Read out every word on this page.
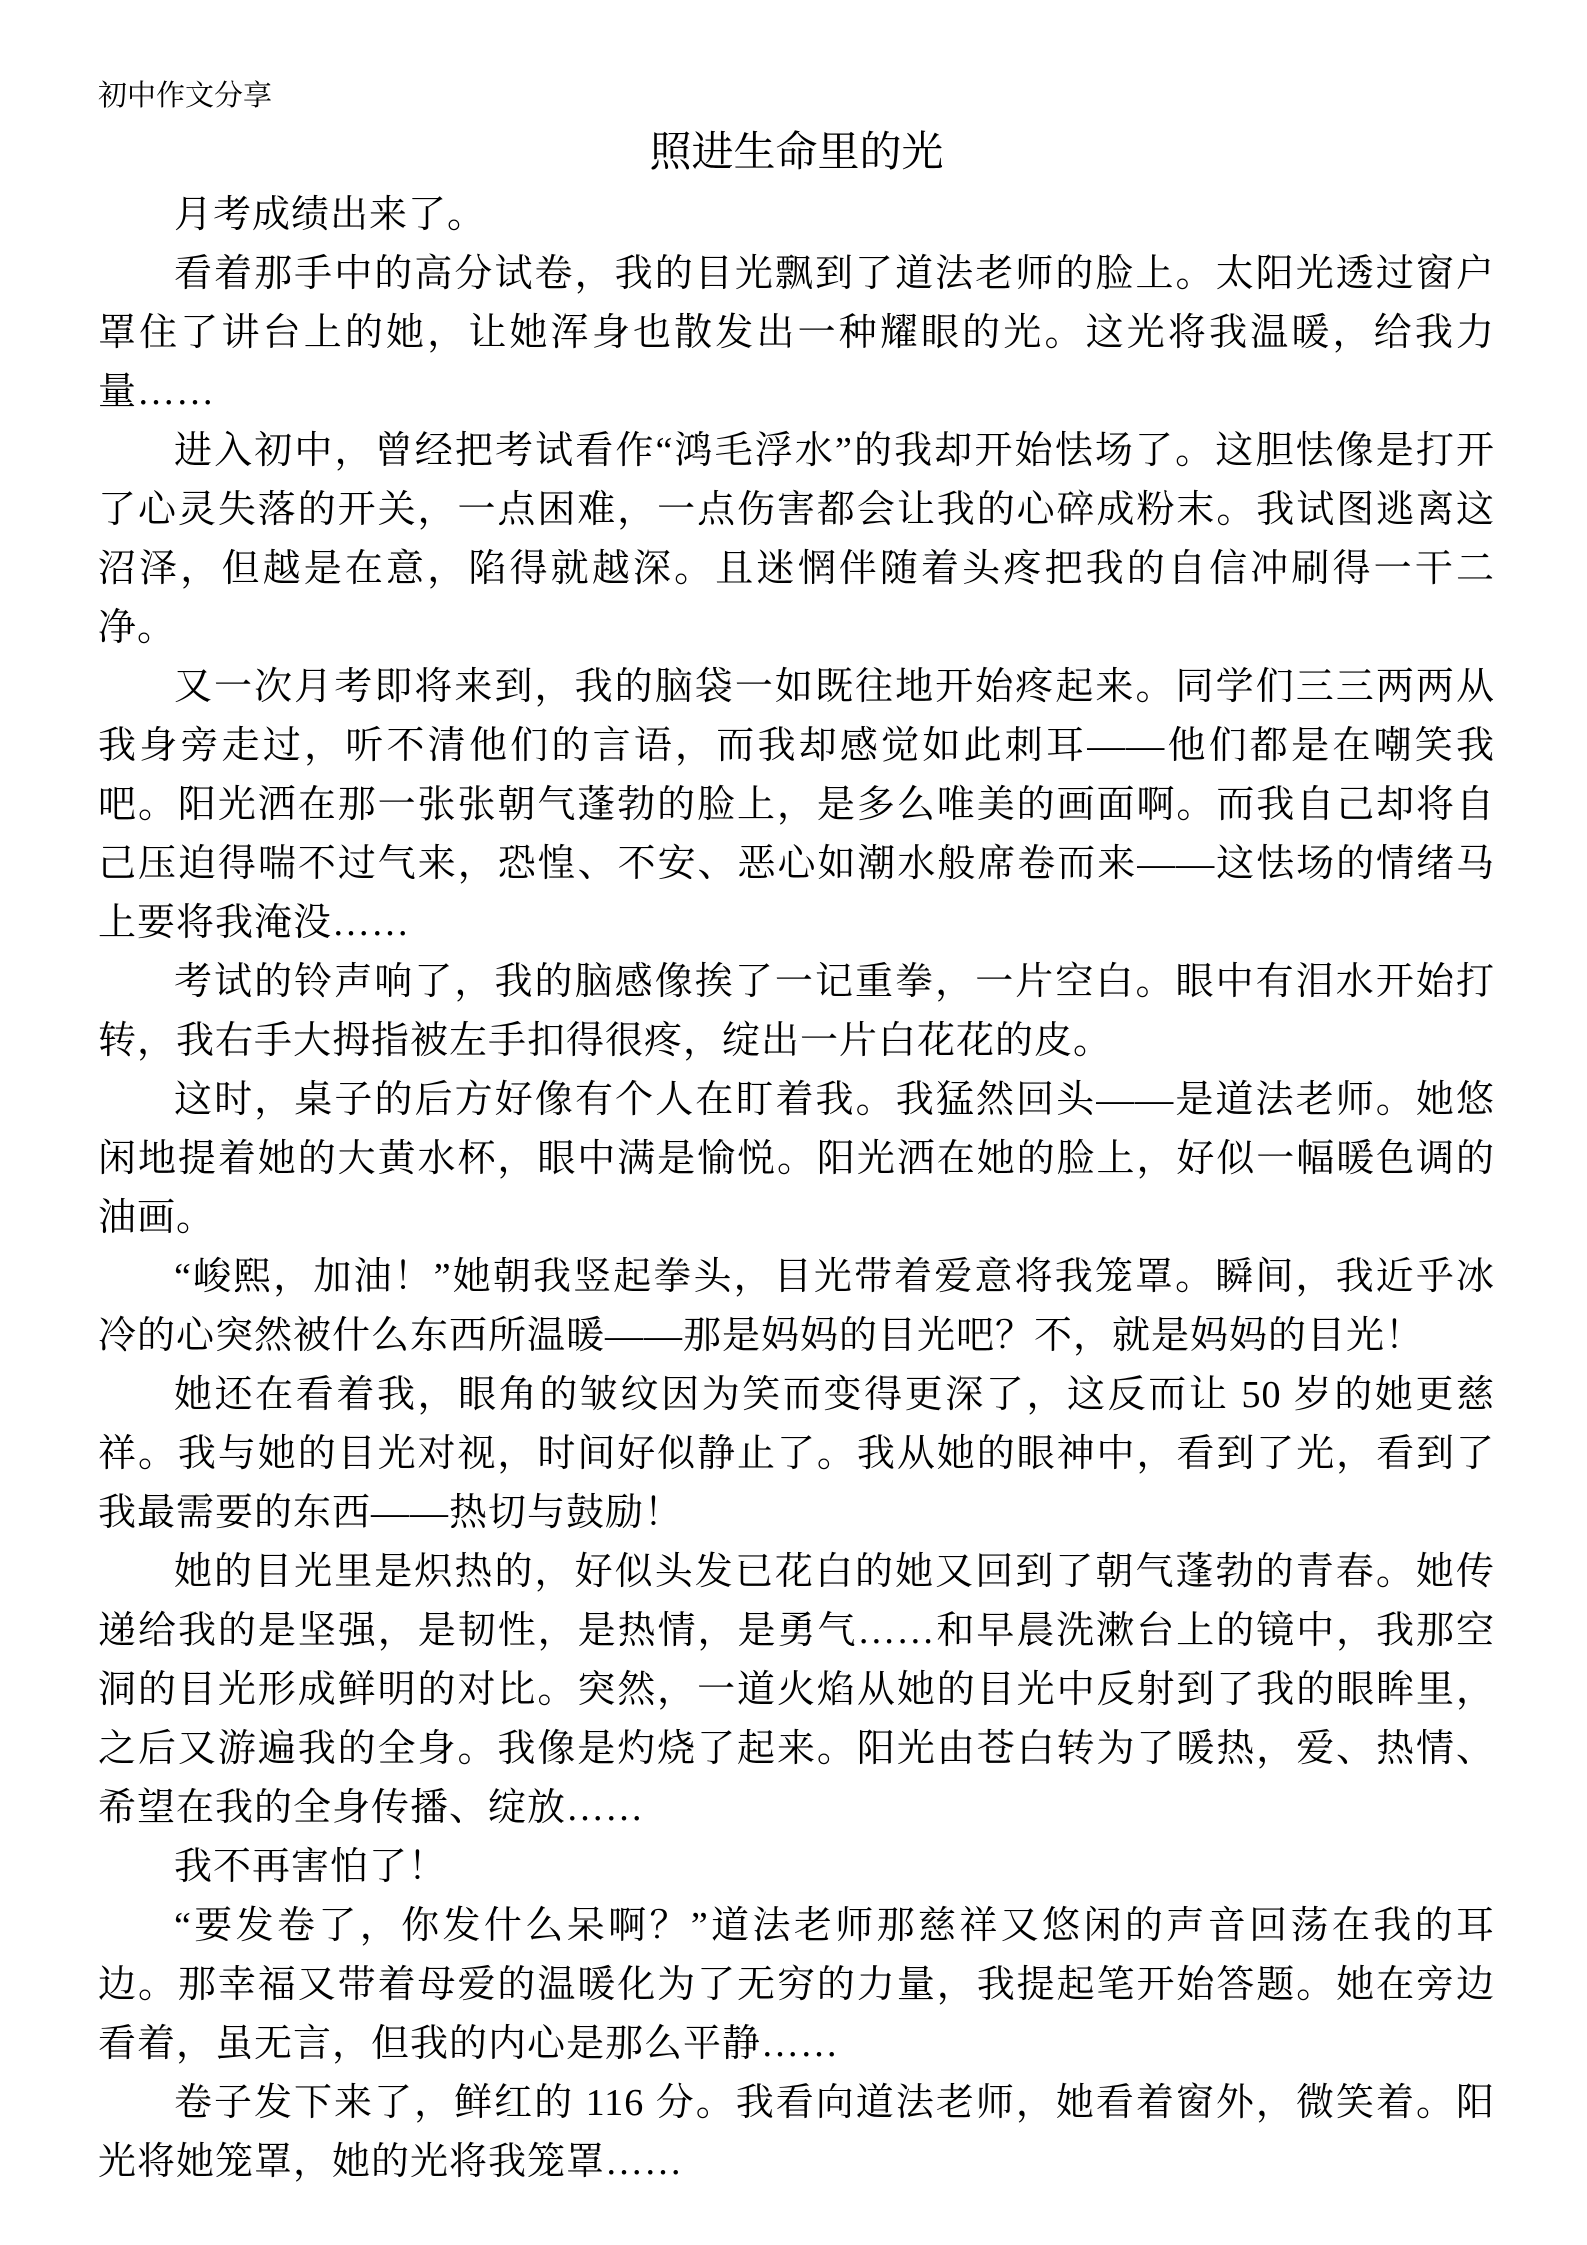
初中作文分享
照进生命里的光

月考成绩出来了。

看着那手中的高分试卷，我的目光飘到了道法老师的脸上。太阳光透过窗户罩住了讲台上的她，让她浑身也散发出一种耀眼的光。这光将我温暖，给我力量……

进入初中，曾经把考试看作“鸿毛浮水”的我却开始怯场了。这胆怯像是打开了心灵失落的开关，一点困难，一点伤害都会让我的心碎成粉末。我试图逃离这沼泽，但越是在意，陷得就越深。且迷惘伴随着头疼把我的自信冲刷得一干二净。

又一次月考即将来到，我的脑袋一如既往地开始疼起来。同学们三三两两从我身旁走过，听不清他们的言语，而我却感觉如此刺耳——他们都是在嘲笑我吧。阳光洒在那一张张朝气蓬勃的脸上，是多么唯美的画面啊。而我自己却将自己压迫得喘不过气来，恐惶、不安、恶心如潮水般席卷而来——这怯场的情绪马上要将我淹没……

考试的铃声响了，我的脑感像挨了一记重拳，一片空白。眼中有泪水开始打转，我右手大拇指被左手扣得很疼，绽出一片白花花的皮。

这时，桌子的后方好像有个人在盯着我。我猛然回头——是道法老师。她悠闲地提着她的大黄水杯，眼中满是愉悦。阳光洒在她的脸上，好似一幅暖色调的油画。

“峻熙，加油！”她朝我竖起拳头，目光带着爱意将我笼罩。瞬间，我近乎冰冷的心突然被什么东西所温暖——那是妈妈的目光吧？不，就是妈妈的目光！

她还在看着我，眼角的皱纹因为笑而变得更深了，这反而让 50 岁的她更慈祥。我与她的目光对视，时间好似静止了。我从她的眼神中，看到了光，看到了我最需要的东西——热切与鼓励！

她的目光里是炽热的，好似头发已花白的她又回到了朝气蓬勃的青春。她传递给我的是坚强，是韧性，是热情，是勇气……和早晨洗漱台上的镜中，我那空洞的目光形成鲜明的对比。突然，一道火焰从她的目光中反射到了我的眼眸里，之后又游遍我的全身。我像是灼烧了起来。阳光由苍白转为了暖热，爱、热情、希望在我的全身传播、绽放……

我不再害怕了！

“要发卷了，你发什么呆啊？”道法老师那慈祥又悠闲的声音回荡在我的耳边。那幸福又带着母爱的温暖化为了无穷的力量，我提起笔开始答题。她在旁边看着，虽无言，但我的内心是那么平静……

卷子发下来了，鲜红的 116 分。我看向道法老师，她看着窗外，微笑着。阳光将她笼罩，她的光将我笼罩……
